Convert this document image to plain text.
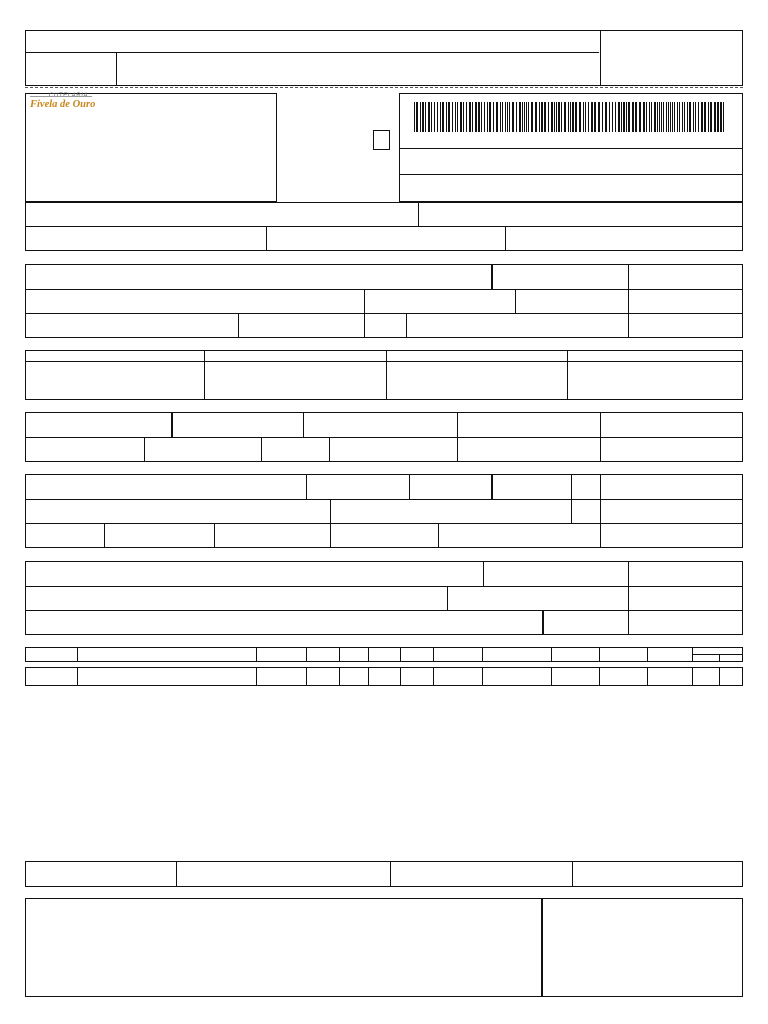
CUTELARIA
Fivela de Ouro
